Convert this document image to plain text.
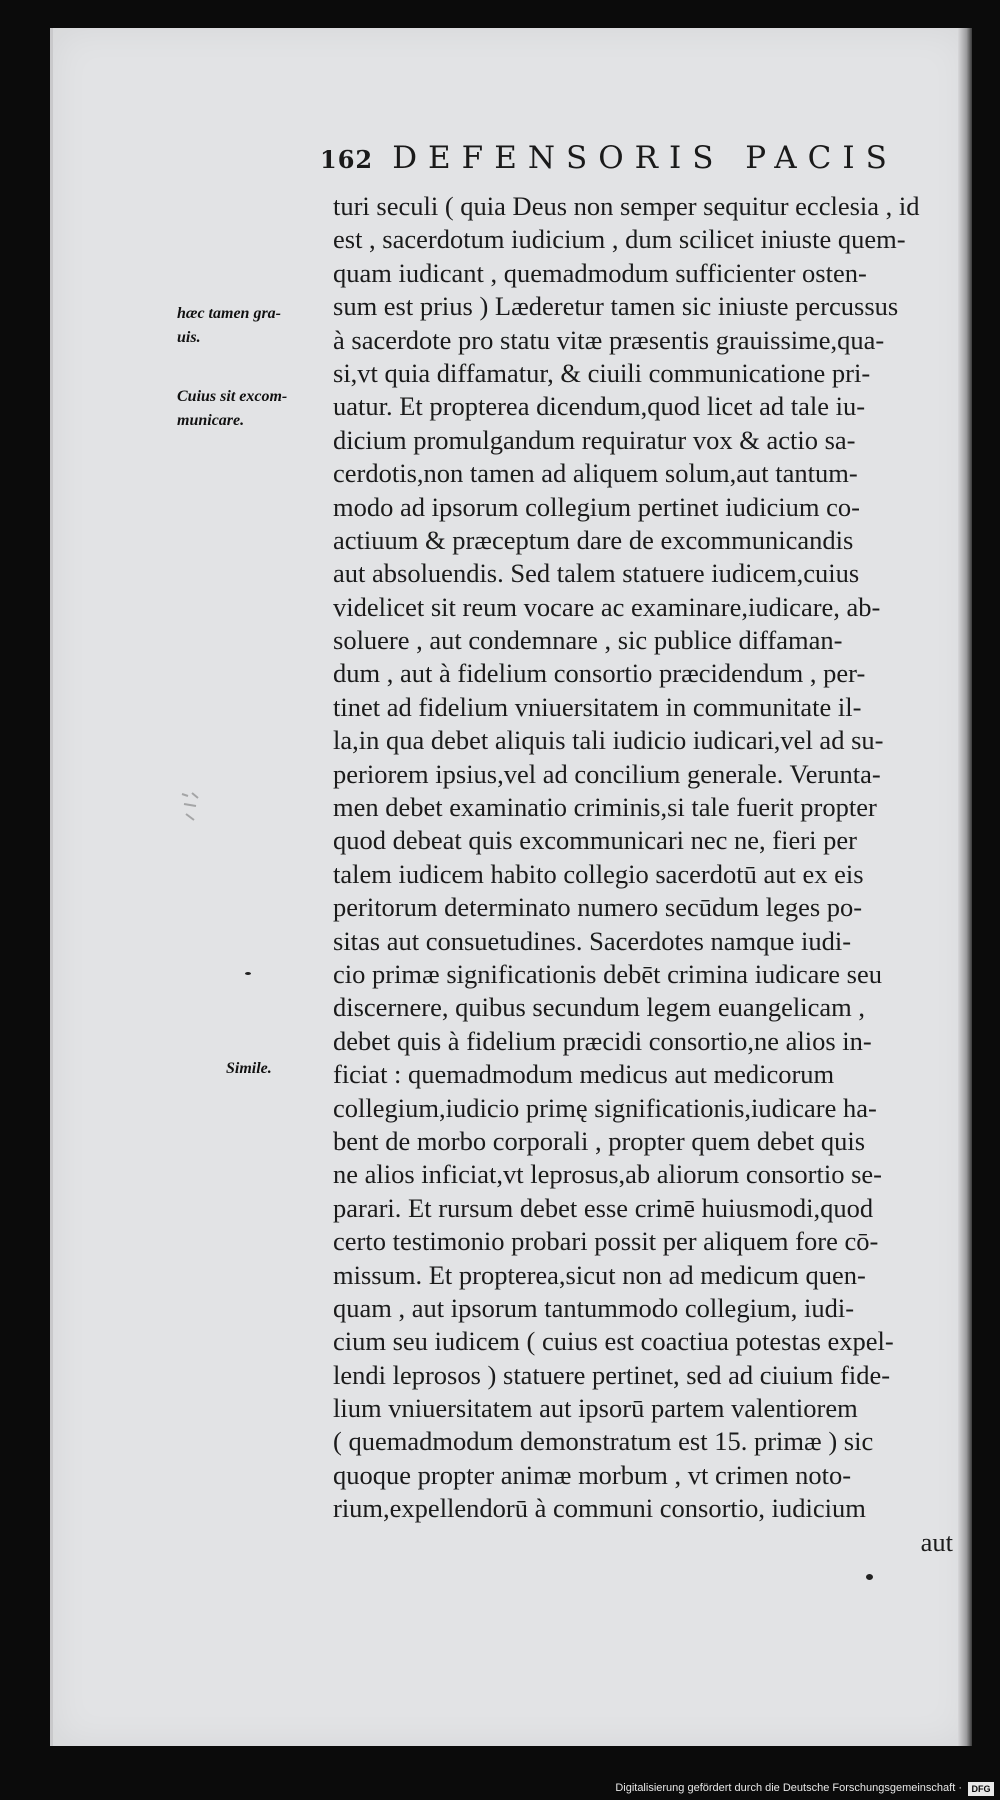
162 DEFENSORIS PACIS
turi seculi ( quia Deus non semper sequitur ecclesia , id
est , sacerdotum iudicium , dum scilicet iniuste quem-
quam iudicant , quemadmodum sufficienter osten-
sum est prius ) Læderetur tamen sic iniuste percussus
à sacerdote pro statu vitæ præsentis grauissime,qua-
si,vt quia diffamatur, & ciuili communicatione pri-
uatur. Et propterea dicendum,quod licet ad tale iu-
dicium promulgandum requiratur vox & actio sa-
cerdotis,non tamen ad aliquem solum,aut tantum-
modo ad ipsorum collegium pertinet iudicium co-
actiuum & præceptum dare de excommunicandis
aut absoluendis. Sed talem statuere iudicem,cuius
videlicet sit reum vocare ac examinare,iudicare, ab-
soluere , aut condemnare , sic publice diffaman-
dum , aut à fidelium consortio præcidendum , per-
tinet ad fidelium vniuersitatem in communitate il-
la,in qua debet aliquis tali iudicio iudicari,vel ad su-
periorem ipsius,vel ad concilium generale. Veruntа-
men debet examinatio criminis,si tale fuerit propter
quod debeat quis excommunicari nec ne, fieri per
talem iudicem habito collegio sacerdotū aut ex eis
peritorum determinato numero secūdum leges po-
sitas aut consuetudines. Sacerdotes namque iudi-
cio primæ significationis debēt crimina iudicare seu
discernere, quibus secundum legem euangelicam ,
debet quis à fidelium præcidi consortio,ne alios in-
ficiat : quemadmodum medicus aut medicorum
collegium,iudicio primę significationis,iudicare ha-
bent de morbo corporali , propter quem debet quis
ne alios inficiat,vt leprosus,ab aliorum consortio se-
parari. Et rursum debet esse crimē huiusmodi,quod
certo testimonio probari possit per aliquem fore cō-
missum. Et propterea,sicut non ad medicum quen-
quam , aut ipsorum tantummodo collegium, iudi-
cium seu iudicem ( cuius est coactiua potestas expel-
lendi leprosos ) statuere pertinet, sed ad ciuium fide-
lium vniuersitatem aut ipsorū partem valentiorem
( quemadmodum demonstratum est 15. primæ ) sic
quoque propter animæ morbum , vt crimen noto-
rium,expellendorū à communi consortio, iudicium
aut
hæc tamen gra-
uis.
Cuius sit excom-
municare.
Simile.
Digitalisierung gefördert durch die Deutsche Forschungsgemeinschaft ·	DFG
